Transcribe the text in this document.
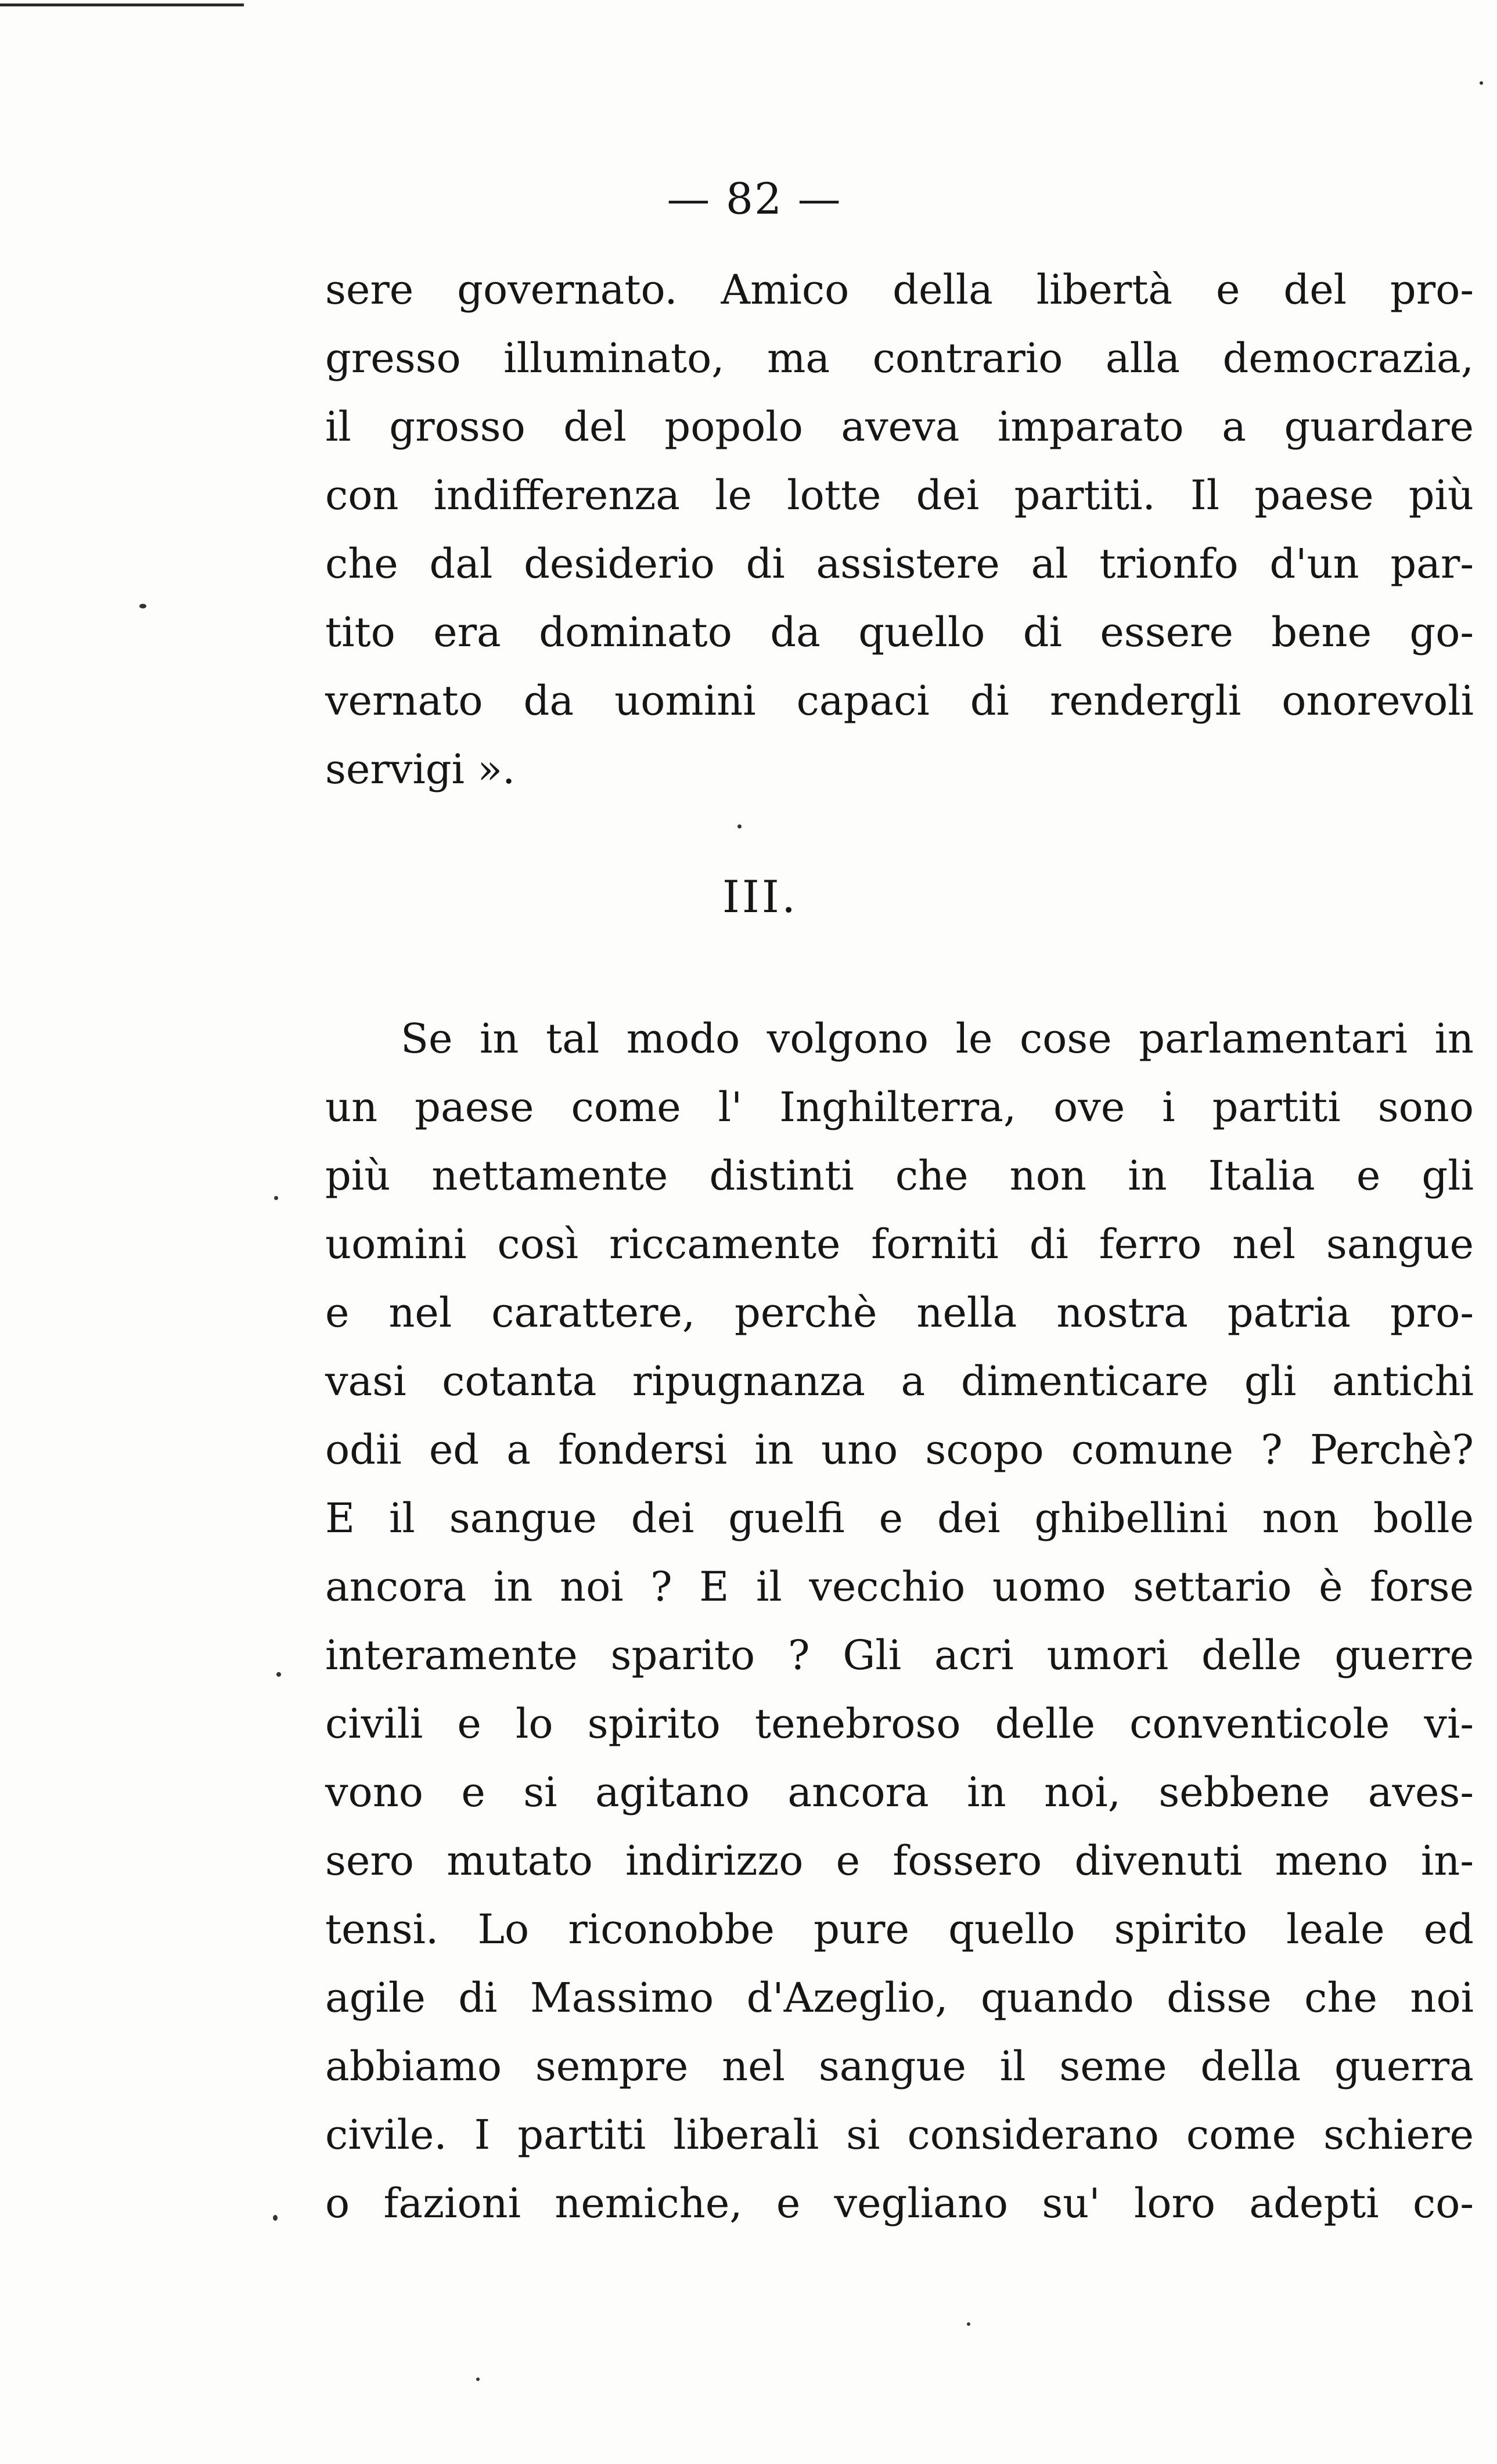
— 82 —
sere governato. Amico della libertà e del pro-
gresso illuminato, ma contrario alla democrazia,
il grosso del popolo aveva imparato a guardare
con indifferenza le lotte dei partiti. Il paese più
che dal desiderio di assistere al trionfo d'un par-
tito era dominato da quello di essere bene go-
vernato da uomini capaci di rendergli onorevoli
servigi ».
III.
Se in tal modo volgono le cose parlamentari in
un paese come l' Inghilterra, ove i partiti sono
più nettamente distinti che non in Italia e gli
uomini così riccamente forniti di ferro nel sangue
e nel carattere, perchè nella nostra patria pro-
vasi cotanta ripugnanza a dimenticare gli antichi
odii ed a fondersi in uno scopo comune ? Perchè?
E il sangue dei guelfi e dei ghibellini non bolle
ancora in noi ? E il vecchio uomo settario è forse
interamente sparito ? Gli acri umori delle guerre
civili e lo spirito tenebroso delle conventicole vi-
vono e si agitano ancora in noi, sebbene aves-
sero mutato indirizzo e fossero divenuti meno in-
tensi. Lo riconobbe pure quello spirito leale ed
agile di Massimo d'Azeglio, quando disse che noi
abbiamo sempre nel sangue il seme della guerra
civile. I partiti liberali si considerano come schiere
o fazioni nemiche, e vegliano su' loro adepti co-
